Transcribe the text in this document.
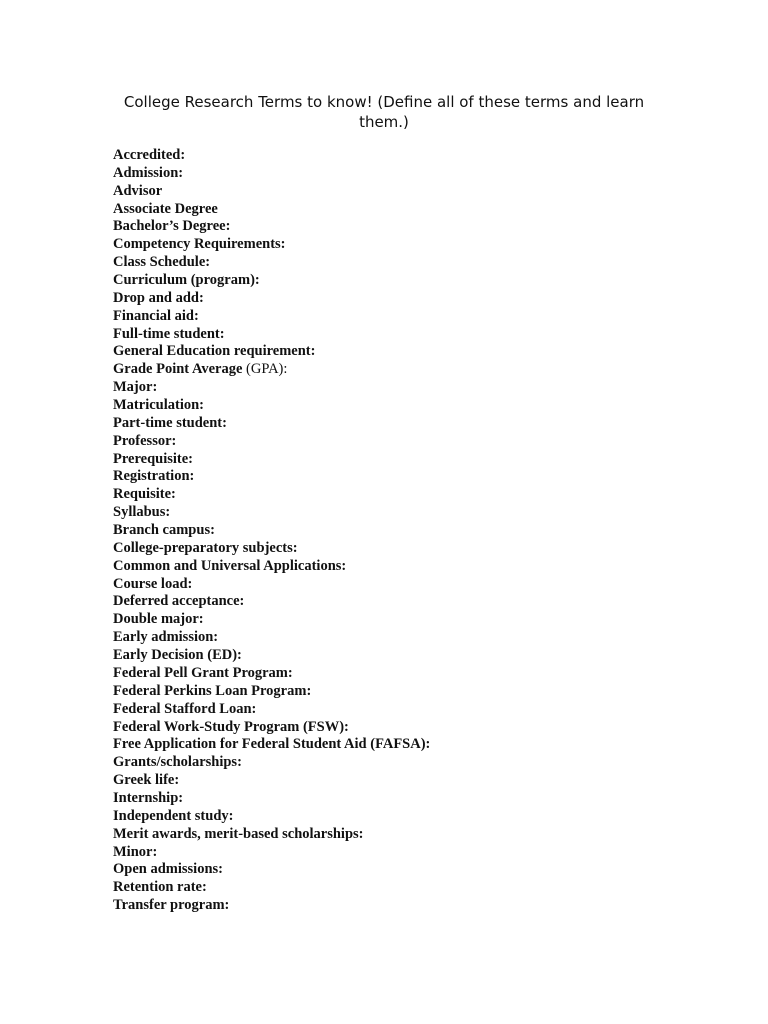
College Research Terms to know! (Define all of these terms and learn them.)
Accredited:
Admission:
Advisor
Associate Degree
Bachelor’s Degree:
Competency Requirements:
Class Schedule:
Curriculum (program):
Drop and add:
Financial aid:
Full-time student:
General Education requirement:
Grade Point Average (GPA):
Major:
Matriculation:
Part-time student:
Professor:
Prerequisite:
Registration:
Requisite:
Syllabus:
Branch campus:
College-preparatory subjects:
Common and Universal Applications:
Course load:
Deferred acceptance:
Double major:
Early admission:
Early Decision (ED):
Federal Pell Grant Program:
Federal Perkins Loan Program:
Federal Stafford Loan:
Federal Work-Study Program (FSW):
Free Application for Federal Student Aid (FAFSA):
Grants/scholarships:
Greek life:
Internship:
Independent study:
Merit awards, merit-based scholarships:
Minor:
Open admissions:
Retention rate:
Transfer program:
